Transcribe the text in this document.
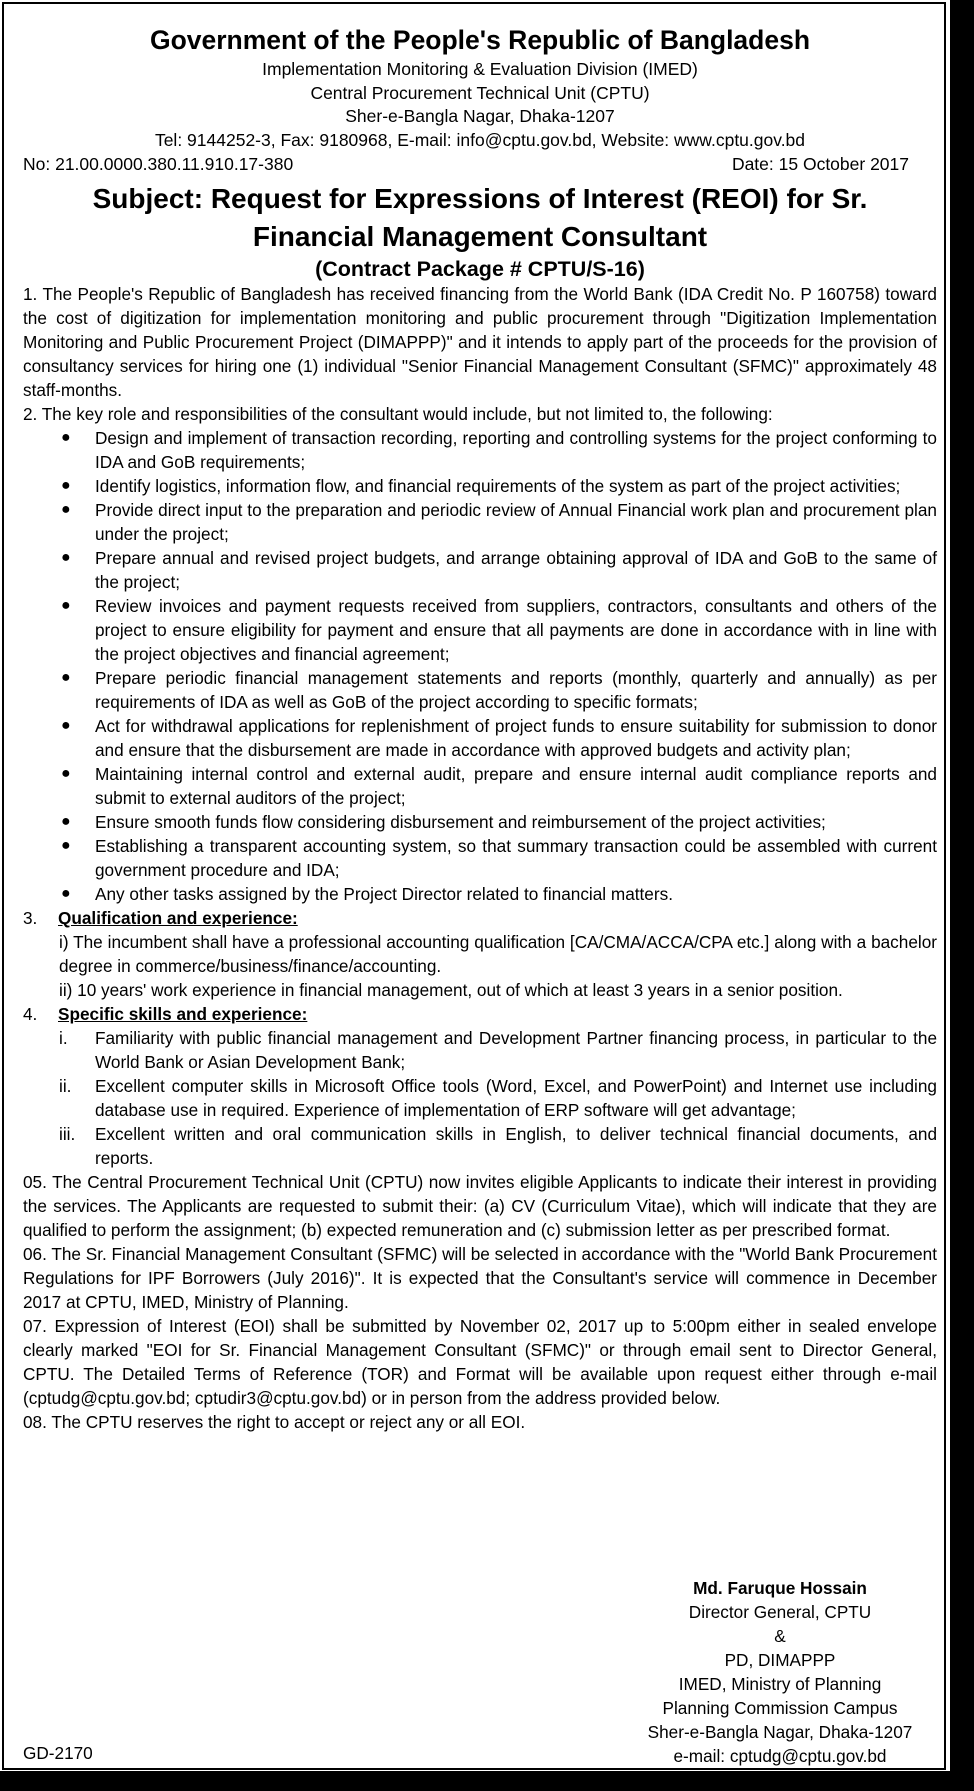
Government of the People's Republic of Bangladesh
Implementation Monitoring & Evaluation Division (IMED)
Central Procurement Technical Unit (CPTU)
Sher-e-Bangla Nagar, Dhaka-1207
Tel: 9144252-3, Fax: 9180968, E-mail: info@cptu.gov.bd, Website: www.cptu.gov.bd
No: 21.00.0000.380.11.910.17-380	Date: 15 October 2017
Subject: Request for Expressions of Interest (REOI) for Sr.
Financial Management Consultant
(Contract Package # CPTU/S-16)

1. The People's Republic of Bangladesh has received financing from the World Bank (IDA Credit No. P 160758) toward the cost of digitization for implementation monitoring and public procurement through "Digitization Implementation Monitoring and Public Procurement Project (DIMAPPP)" and it intends to apply part of the proceeds for the provision of consultancy services for hiring one (1) individual "Senior Financial Management Consultant (SFMC)" approximately 48 staff-months.

2. The key role and responsibilities of the consultant would include, but not limited to, the following:

● Design and implement of transaction recording, reporting and controlling systems for the project conforming to IDA and GoB requirements;
● Identify logistics, information flow, and financial requirements of the system as part of the project activities;
● Provide direct input to the preparation and periodic review of Annual Financial work plan and procurement plan under the project;
● Prepare annual and revised project budgets, and arrange obtaining approval of IDA and GoB to the same of the project;
● Review invoices and payment requests received from suppliers, contractors, consultants and others of the project to ensure eligibility for payment and ensure that all payments are done in accordance with in line with the project objectives and financial agreement;
● Prepare periodic financial management statements and reports (monthly, quarterly and annually) as per requirements of IDA as well as GoB of the project according to specific formats;
● Act for withdrawal applications for replenishment of project funds to ensure suitability for submission to donor and ensure that the disbursement are made in accordance with approved budgets and activity plan;
● Maintaining internal control and external audit, prepare and ensure internal audit compliance reports and submit to external auditors of the project;
● Ensure smooth funds flow considering disbursement and reimbursement of the project activities;
● Establishing a transparent accounting system, so that summary transaction could be assembled with current government procedure and IDA;
● Any other tasks assigned by the Project Director related to financial matters.
3.	Qualification and experience:
i) The incumbent shall have a professional accounting qualification [CA/CMA/ACCA/CPA etc.] along with a bachelor degree in commerce/business/finance/accounting.
ii) 10 years' work experience in financial management, out of which at least 3 years in a senior position.
4.	Specific skills and experience:
i. Familiarity with public financial management and Development Partner financing process, in particular to the World Bank or Asian Development Bank;
ii. Excellent computer skills in Microsoft Office tools (Word, Excel, and PowerPoint) and Internet use including database use in required. Experience of implementation of ERP software will get advantage;
iii. Excellent written and oral communication skills in English, to deliver technical financial documents, and reports.

05. The Central Procurement Technical Unit (CPTU) now invites eligible Applicants to indicate their interest in providing the services. The Applicants are requested to submit their: (a) CV (Curriculum Vitae), which will indicate that they are qualified to perform the assignment; (b) expected remuneration and (c) submission letter as per prescribed format.

06. The Sr. Financial Management Consultant (SFMC) will be selected in accordance with the "World Bank Procurement Regulations for IPF Borrowers (July 2016)". It is expected that the Consultant's service will commence in December 2017 at CPTU, IMED, Ministry of Planning.

07. Expression of Interest (EOI) shall be submitted by November 02, 2017 up to 5:00pm either in sealed envelope clearly marked "EOI for Sr. Financial Management Consultant (SFMC)" or through email sent to Director General, CPTU. The Detailed Terms of Reference (TOR) and Format will be available upon request either through e-mail (cptudg@cptu.gov.bd; cptudir3@cptu.gov.bd) or in person from the address provided below.

08. The CPTU reserves the right to accept or reject any or all EOI.

Md. Faruque Hossain
Director General, CPTU
&
PD, DIMAPPP
IMED, Ministry of Planning
Planning Commission Campus
Sher-e-Bangla Nagar, Dhaka-1207
e-mail: cptudg@cptu.gov.bd
GD-2170
